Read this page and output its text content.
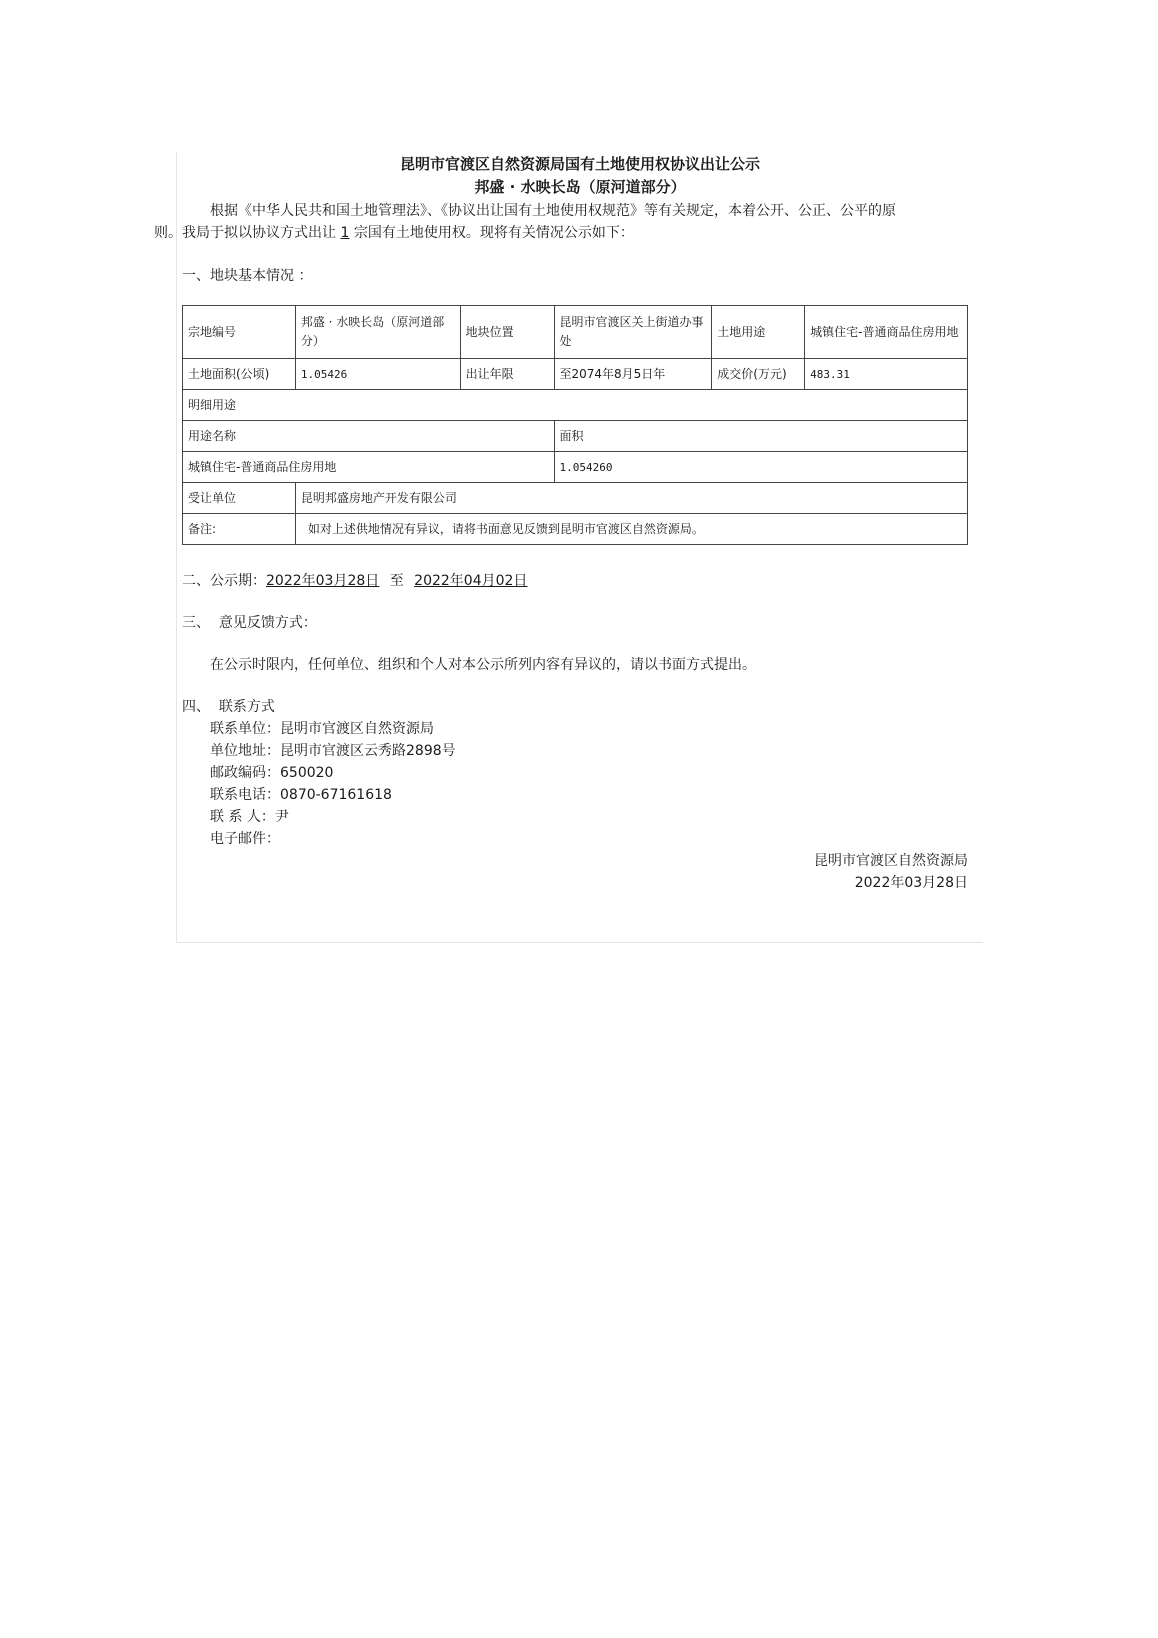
昆明市官渡区自然资源局国有土地使用权协议出让公示
邦盛 · 水映长岛（原河道部分）
根据《中华人民共和国土地管理法》、《协议出让国有土地使用权规范》等有关规定，本着公开、公正、公平的原
则。我局于拟以协议方式出让 1 宗国有土地使用权。现将有关情况公示如下：
一、地块基本情况 ：
宗地编号	邦盛 · 水映长岛（原河道部分）	地块位置	昆明市官渡区关上街道办事处	土地用途	城镇住宅-普通商品住房用地
土地面积(公顷)	1.05426	出让年限	至2074年8月5日年	成交价(万元)	483.31
明细用途					
用途名称			面积		
城镇住宅-普通商品住房用地			1.054260		
受让单位	昆明邦盛房地产开发有限公司				
备注:	如对上述供地情况有异议，请将书面意见反馈到昆明市官渡区自然资源局。				
二、公示期：2022年03月28日 至 2022年04月02日
三、  意见反馈方式：
在公示时限内，任何单位、组织和个人对本公示所列内容有异议的，请以书面方式提出。
四、  联系方式
联系单位：昆明市官渡区自然资源局
单位地址：昆明市官渡区云秀路2898号
邮政编码：650020
联系电话：0870-67161618
联 系 人：尹
电子邮件：
昆明市官渡区自然资源局
2022年03月28日
